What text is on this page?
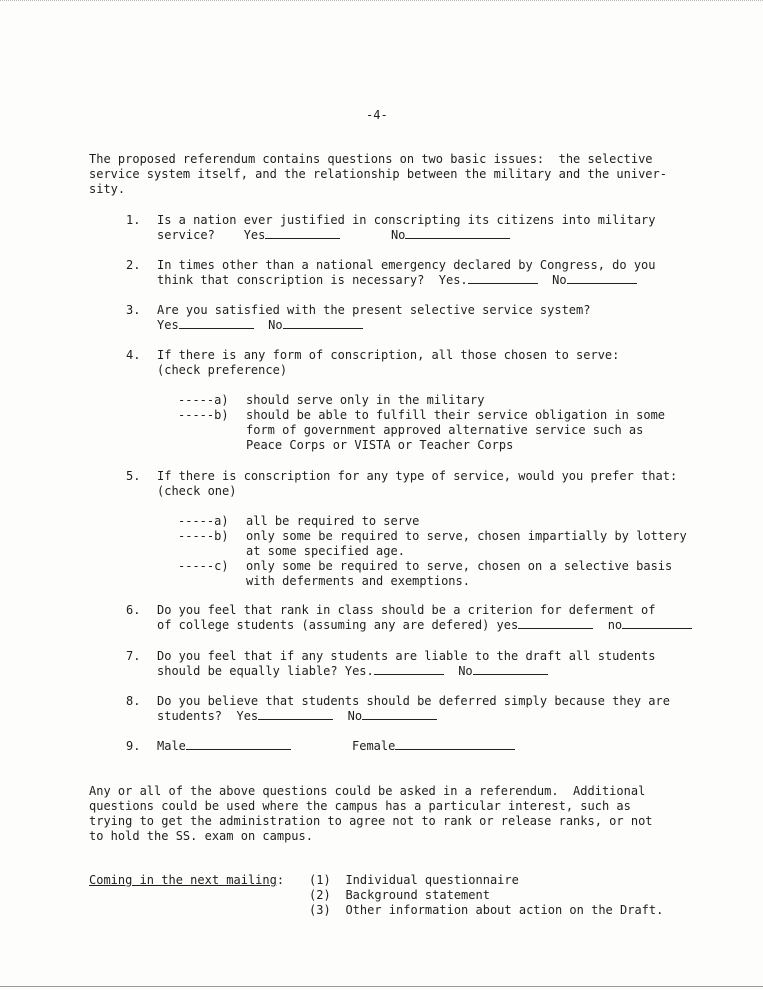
-4-
The proposed referendum contains questions on two basic issues:  the selective
service system itself, and the relationship between the military and the univer-
sity.
1. Is a nation ever justified in conscripting its citizens into military
service?    Yes	No
2. In times other than a national emergency declared by Congress, do you
think that conscription is necessary?  Yes.	No
3. Are you satisfied with the present selective service system?
Yes	No
4. If there is any form of conscription, all those chosen to serve:
(check preference)
-----a) should serve only in the military
-----b) should be able to fulfill their service obligation in some
form of government approved alternative service such as
Peace Corps or VISTA or Teacher Corps
5. If there is conscription for any type of service, would you prefer that:
(check one)
-----a) all be required to serve
-----b) only some be required to serve, chosen impartially by lottery
at some specified age.
-----c) only some be required to serve, chosen on a selective basis
with deferments and exemptions.
6. Do you feel that rank in class should be a criterion for deferment of
of college students (assuming any are defered) yes	no
7. Do you feel that if any students are liable to the draft all students
should be equally liable? Yes.	No
8. Do you believe that students should be deferred simply because they are
students?  Yes	No
9. Male	Female
Any or all of the above questions could be asked in a referendum.  Additional
questions could be used where the campus has a particular interest, such as
trying to get the administration to agree not to rank or release ranks, or not
to hold the SS. exam on campus.
Coming in the next mailing: (1) Individual questionnaire
(2) Background statement
(3) Other information about action on the Draft.
